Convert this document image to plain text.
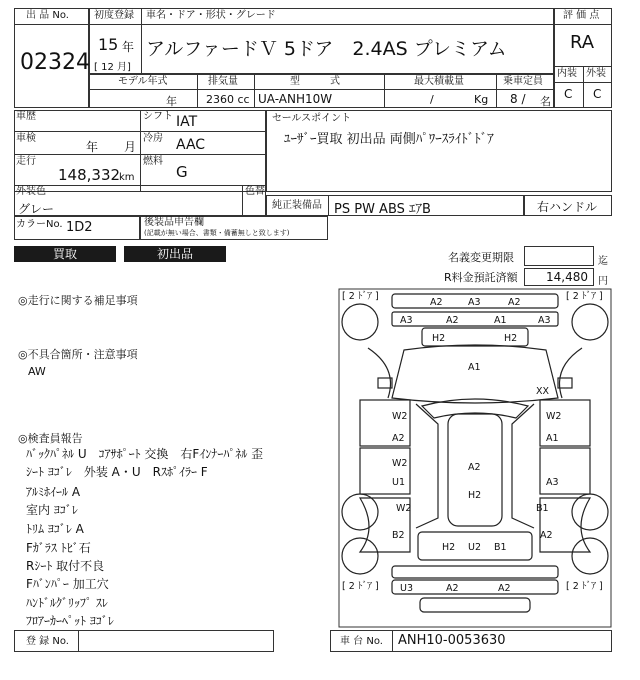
出 品 No.
02324
初度登録 車名・ドア・形状・グレード
15 年
[ 12 月]
アルファードＶ 5ドア　2.4AS プレミアム
評 価 点
RA
内装 外装
C C
モデル年式	排気量	型　　　式	最大積載量	乗車定員
年	2360 cc UA-ANH10W	/	Kg 8 / 名
車歴
車検
年 月
走行
148,332
km
シフト IAT
冷房 AAC
燃料
G
セールスポイント
ﾕｰｻﾞｰ買取 初出品 両側ﾊﾟﾜｰｽﾗｲﾄﾞﾄﾞｱ
外装色
グレー
色替
純正装備品 PS PW ABS ｴｱB	右ハンドル
カラーNo. 1D2	後装品申告欄
(記載が無い場合、書類・備蓄無しと致します)
買取	初出品	名義変更期限	迄
R料金預託済額 14,480 円
◎走行に関する補足事項
◎不具合箇所・注意事項
AW
◎検査員報告
ﾊﾞｯｸﾊﾟﾈﾙ U　ｺｱｻﾎﾟｰﾄ 交換　右Fｲﾝﾅｰﾊﾟﾈﾙ 歪
ｼｰﾄ ﾖｺﾞﾚ　外装 A・U　Rｽﾎﾟｲﾗｰ F
ｱﾙﾐﾎｲｰﾙ A
室内 ﾖｺﾞﾚ
ﾄﾘﾑ ﾖｺﾞﾚ A
Fｶﾞﾗｽ ﾄﾋﾞ石
Rｼｰﾄ 取付不良
Fﾊﾞﾝﾊﾟｰ 加工穴
ﾊﾝﾄﾞﾙｸﾞﾘｯﾌﾟ ｽﾚ
ﾌﾛｱｰｶｰﾍﾟｯﾄ ﾖｺﾞﾚ
[ 2 ﾄﾞｱ ]	[ 2 ﾄﾞｱ ]
[ 2 ﾄﾞｱ ]	[ 2 ﾄﾞｱ ]
A2	A3	A2
A3	A2	A1	A3
H2	H2
A1
XX
W2
A2
W2
A1
W2
U1	A3
A2
H2
W2
B2
B1
A2
H2 U2 B1
U3	A2	A2
登 録 No.	車 台 No. ANH10-0053630
